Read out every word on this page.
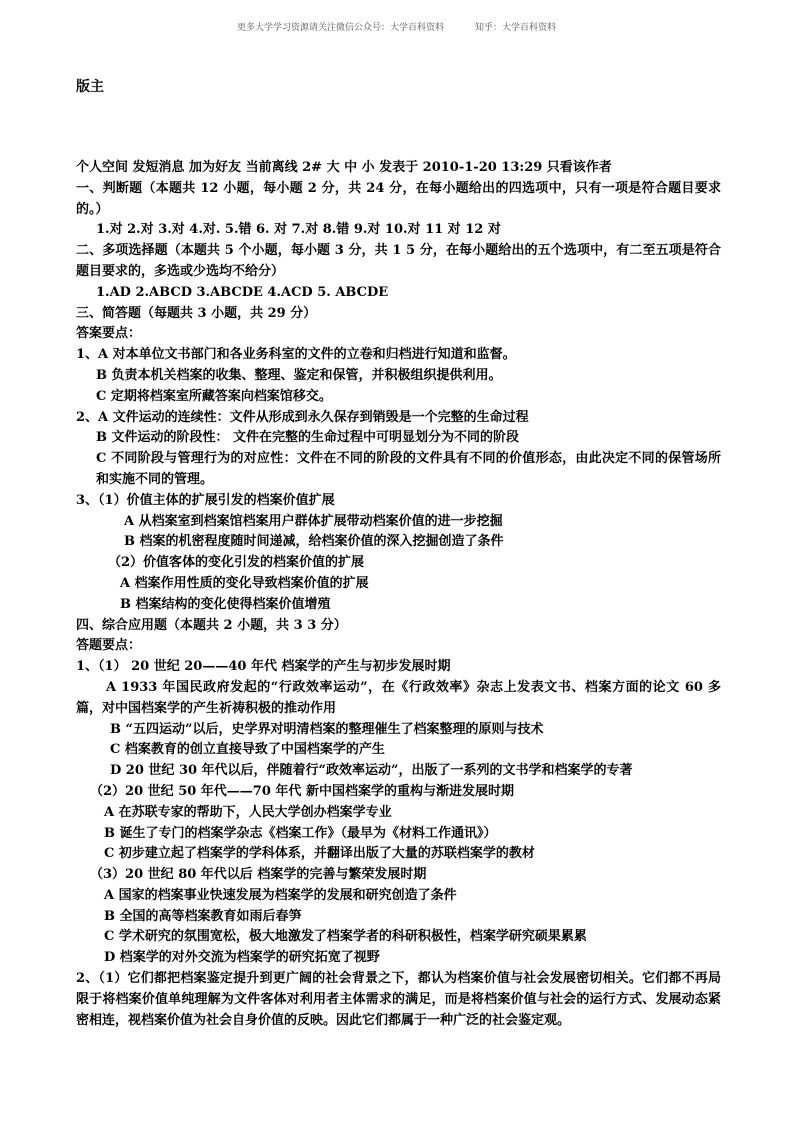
更多大学学习资源请关注微信公众号：大学百科资料	知乎：大学百科资料
版主
个人空间 发短消息 加为好友 当前离线 2# 大 中 小 发表于 2010-1-20 13:29 只看该作者
一、判断题（本题共 12 小题，每小题 2 分，共 24 分，在每小题给出的四选项中，只有一项是符合题目要求的。）
1.对 2.对 3.对 4.对. 5.错 6. 对 7.对 8.错 9.对 10.对 11 对 12 对
二、多项选择题（本题共 5 个小题，每小题 3 分，共 1 5 分，在每小题给出的五个选项中，有二至五项是符合题目要求的，多选或少选均不给分）
1.AD 2.ABCD 3.ABCDE 4.ACD 5. ABCDE
三、简答题（每题共 3 小题，共 29 分）
答案要点：
1、A 对本单位文书部门和各业务科室的文件的立卷和归档进行知道和监督。
B 负责本机关档案的收集、整理、鉴定和保管，并积极组织提供利用。
C 定期将档案室所藏答案向档案馆移交。
2、A 文件运动的连续性：文件从形成到永久保存到销毁是一个完整的生命过程
B 文件运动的阶段性： 文件在完整的生命过程中可明显划分为不同的阶段
C 不同阶段与管理行为的对应性：文件在不同的阶段的文件具有不同的价值形态，由此决定不同的保管场所和实施不同的管理。
3、（1）价值主体的扩展引发的档案价值扩展
A 从档案室到档案馆档案用户群体扩展带动档案价值的进一步挖掘
B 档案的机密程度随时间递减，给档案价值的深入挖掘创造了条件
（2）价值客体的变化引发的档案价值的扩展
A 档案作用性质的变化导致档案价值的扩展
B 档案结构的变化使得档案价值增殖
四、综合应用题（本题共 2 小题，共 3 3 分）
答题要点：
1、（1） 20 世纪 20——40 年代 档案学的产生与初步发展时期
A 1933 年国民政府发起的“行政效率运动”，在《行政效率》杂志上发表文书、档案方面的论文 60 多篇，对中国档案学的产生祈祷积极的推动作用
B “五四运动”以后，史学界对明清档案的整理催生了档案整理的原则与技术
C 档案教育的创立直接导致了中国档案学的产生
D 20 世纪 30 年代以后，伴随着行“政效率运动”，出版了一系列的文书学和档案学的专著
（2）20 世纪 50 年代——70 年代 新中国档案学的重构与渐进发展时期
A 在苏联专家的帮助下，人民大学创办档案学专业
B 诞生了专门的档案学杂志《档案工作》（最早为《材料工作通讯》）
C 初步建立起了档案学的学科体系，并翻译出版了大量的苏联档案学的教材
（3）20 世纪 80 年代以后 档案学的完善与繁荣发展时期
A 国家的档案事业快速发展为档案学的发展和研究创造了条件
B 全国的高等档案教育如雨后春笋
C 学术研究的氛围宽松，极大地激发了档案学者的科研积极性，档案学研究硕果累累
D 档案学的对外交流为档案学的研究拓宽了视野
2、（1）它们都把档案鉴定提升到更广阔的社会背景之下，都认为档案价值与社会发展密切相关。它们都不再局限于将档案价值单纯理解为文件客体对利用者主体需求的满足，而是将档案价值与社会的运行方式、发展动态紧密相连，视档案价值为社会自身价值的反映。因此它们都属于一种广泛的社会鉴定观。
